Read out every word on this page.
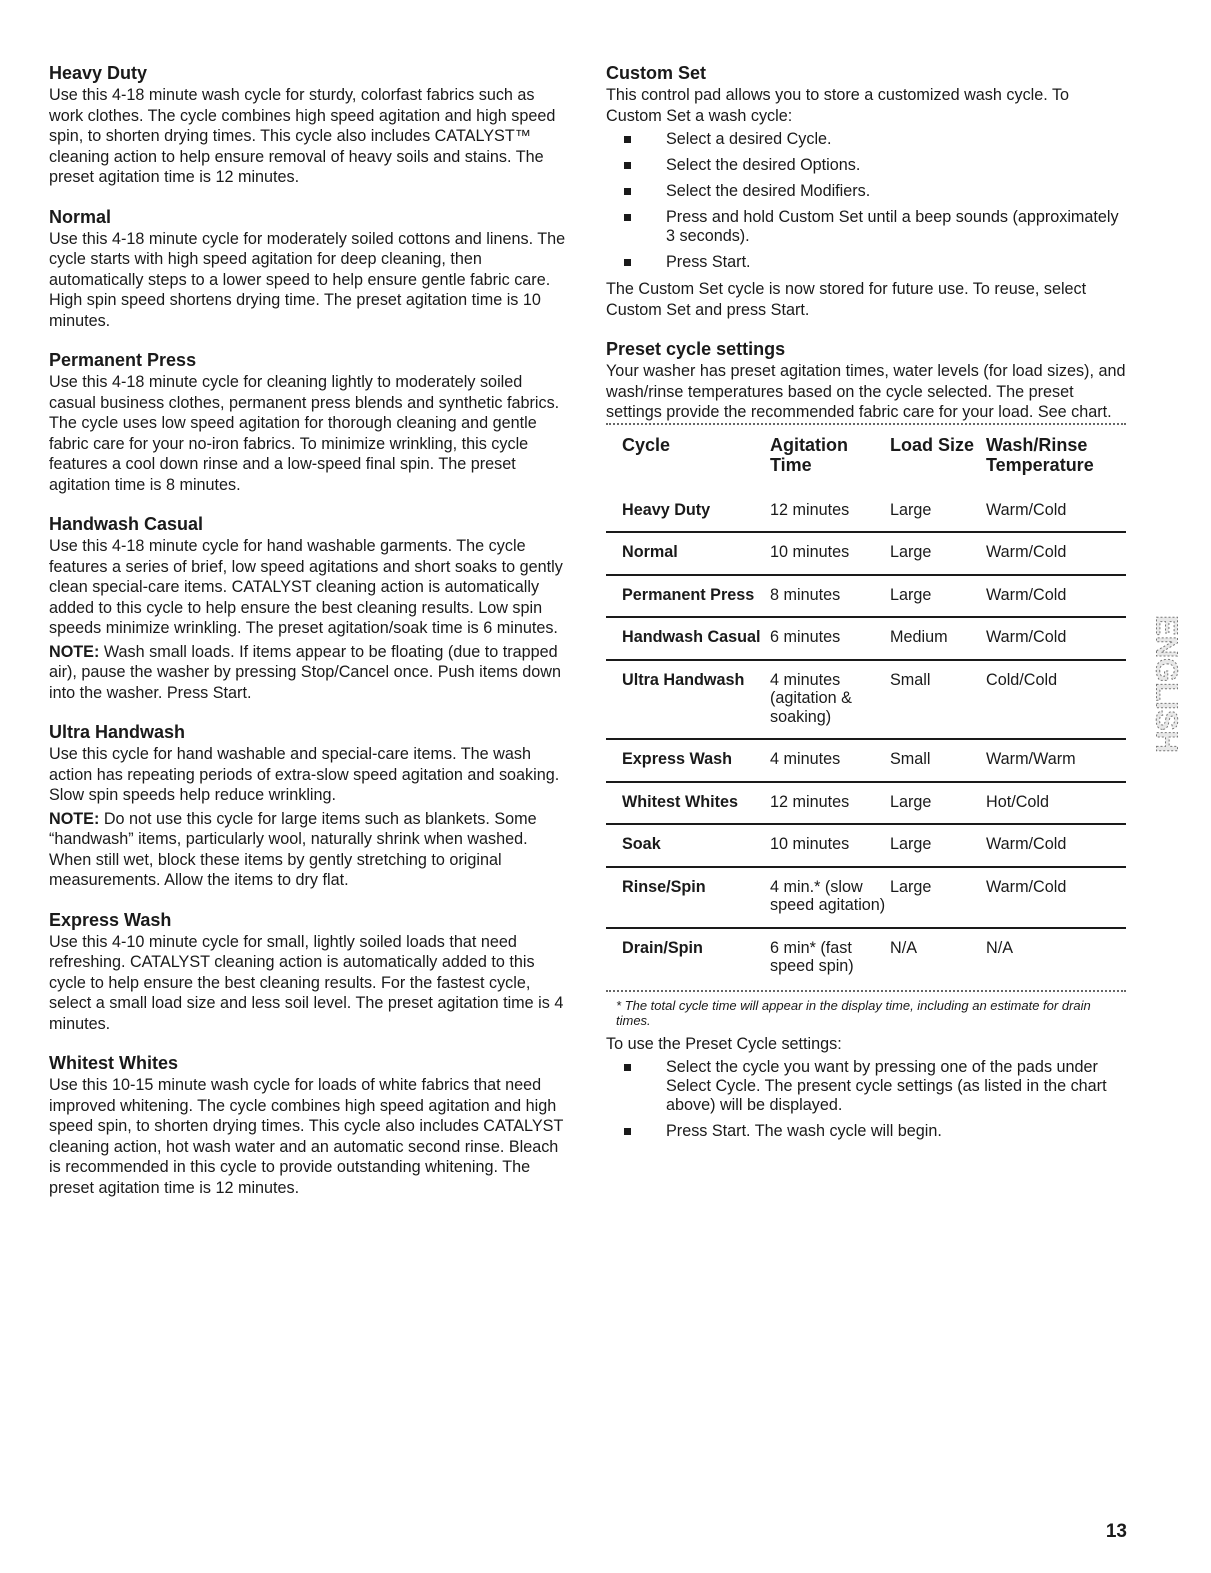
Heavy Duty

Use this 4-18 minute wash cycle for sturdy, colorfast fabrics such as work clothes. The cycle combines high speed agitation and high speed spin, to shorten drying times. This cycle also includes CATALYST™ cleaning action to help ensure removal of heavy soils and stains. The preset agitation time is 12 minutes.

Normal

Use this 4-18 minute cycle for moderately soiled cottons and linens. The cycle starts with high speed agitation for deep cleaning, then automatically steps to a lower speed to help ensure gentle fabric care. High spin speed shortens drying time. The preset agitation time is 10 minutes.

Permanent Press

Use this 4-18 minute cycle for cleaning lightly to moderately soiled casual business clothes, permanent press blends and synthetic fabrics. The cycle uses low speed agitation for thorough cleaning and gentle fabric care for your no-iron fabrics. To minimize wrinkling, this cycle features a cool down rinse and a low-speed final spin. The preset agitation time is 8 minutes.

Handwash Casual

Use this 4-18 minute cycle for hand washable garments. The cycle features a series of brief, low speed agitations and short soaks to gently clean special-care items. CATALYST cleaning action is automatically added to this cycle to help ensure the best cleaning results. Low spin speeds minimize wrinkling. The preset agitation/soak time is 6 minutes.

NOTE: Wash small loads. If items appear to be floating (due to trapped air), pause the washer by pressing Stop/Cancel once. Push items down into the washer. Press Start.

Ultra Handwash

Use this cycle for hand washable and special-care items. The wash action has repeating periods of extra-slow speed agitation and soaking. Slow spin speeds help reduce wrinkling.

NOTE: Do not use this cycle for large items such as blankets. Some “handwash” items, particularly wool, naturally shrink when washed. When still wet, block these items by gently stretching to original measurements. Allow the items to dry flat.

Express Wash

Use this 4-10 minute cycle for small, lightly soiled loads that need refreshing. CATALYST cleaning action is automatically added to this cycle to help ensure the best cleaning results. For the fastest cycle, select a small load size and less soil level. The preset agitation time is 4 minutes.

Whitest Whites

Use this 10-15 minute wash cycle for loads of white fabrics that need improved whitening. The cycle combines high speed agitation and high speed spin, to shorten drying times. This cycle also includes CATALYST cleaning action, hot wash water and an automatic second rinse. Bleach is recommended in this cycle to provide outstanding whitening. The preset agitation time is 12 minutes.

Custom Set

This control pad allows you to store a customized wash cycle. To Custom Set a wash cycle:

Select a desired Cycle.
Select the desired Options.
Select the desired Modifiers.
Press and hold Custom Set until a beep sounds (approximately 3 seconds).
Press Start.

The Custom Set cycle is now stored for future use. To reuse, select Custom Set and press Start.

Preset cycle settings

Your washer has preset agitation times, water levels (for load sizes), and wash/rinse temperatures based on the cycle selected. The preset settings provide the recommended fabric care for your load. See chart.

Cycle	Agitation Time	Load Size	Wash/Rinse Temperature
Heavy Duty	12 minutes	Large	Warm/Cold
Normal	10 minutes	Large	Warm/Cold
Permanent Press	8 minutes	Large	Warm/Cold
Handwash Casual	6 minutes	Medium	Warm/Cold
Ultra Handwash	4 minutes (agitation & soaking)	Small	Cold/Cold
Express Wash	4 minutes	Small	Warm/Warm
Whitest Whites	12 minutes	Large	Hot/Cold
Soak	10 minutes	Large	Warm/Cold
Rinse/Spin	4 min.* (slow speed agitation)	Large	Warm/Cold
Drain/Spin	6 min* (fast speed spin)	N/A	N/A

* The total cycle time will appear in the display time, including an estimate for drain times.

To use the Preset Cycle settings:

Select the cycle you want by pressing one of the pads under Select Cycle. The present cycle settings (as listed in the chart above) will be displayed.
Press Start. The wash cycle will begin.
ENGLISH
13
